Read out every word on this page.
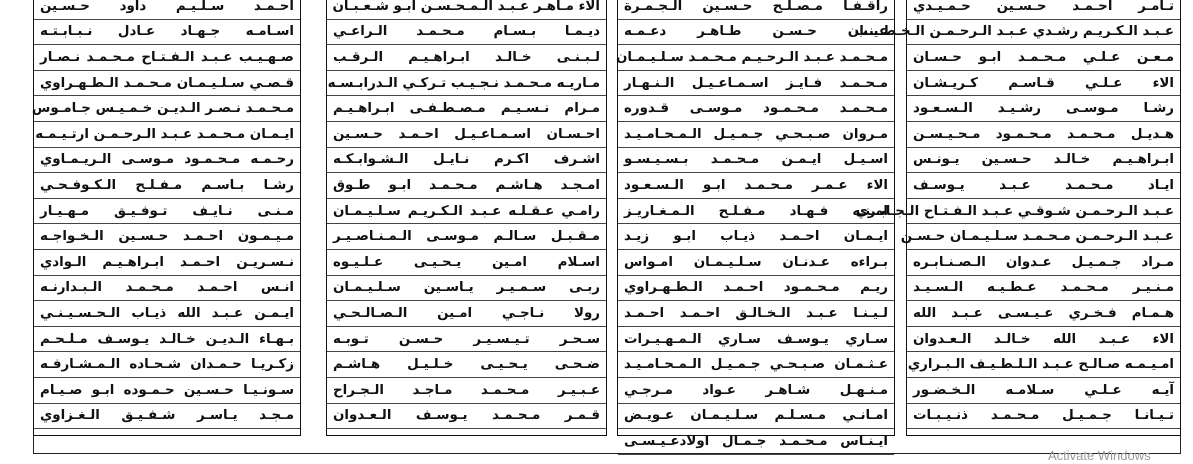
احـمـد سـلـيـم داود حـسـين
اسـامـه جـهـاد عـادل نـبـابـتـه
صـهـيـب عـبـد الـفـتـاح مـحـمـد نـصـار
قـصـي سـلـيـمـان مـحـمـد الـطـهـراوي
مـحـمـد نـصـر الـديـن خـمـيـس جـامـوس
ايـمـان مـحـمـد عـبـد الـرحـمـن ارتـيـمـه
رحـمـه مـحـمـود مـوسـى الـريـمـاوي
رشـا بـاسـم مـفـلـح الـكـوفـحـي
مـنـى نـايـف تـوفـيـق مـهـيـار
مـيـمـون احـمـد حـسـين الـخـواجـه
نـسـريـن احـمـد ابـراهـيـم الـوادي
انـس احـمـد مـحـمـد الـبـدارنـه
ايـمـن عـبـد الله ذيـاب الـحـسـيـنـي
بـهـاء الـديـن خـالـد يـوسـف مـلـحـم
زكـريـا حـمـدان شـحـاده الـمـشـارفـه
سـونـيـا حـسـين حـمـوده ابـو صـيـام
مـجـد يـاسـر شـفـيـق الـغـزاوي
الاء مـاهـر عـبـد الـمـحـسـن ابـو شـعـبـان
ديـمـا بـسـام مـحـمـد الـراعـي
لـبـنـى خـالـد ابـراهـيـم الـرقـب
مـاريـه مـحـمـد نـجـيـب تـركـي الـدرابـسـه
مـرام نـسـيـم مـصـطـفـى ابـراهـيـم
احـسـان اسـمـاعـيـل احـمـد حـسـين
اشـرف اكـرم نـايـل الـشـوابـكـه
امـجـد هـاشـم مـحـمـد ابـو طـوق
رامـي عـقـلـه عـبـد الـكـريـم سـلـيـمـان
مـقـبـل سـالـم مـوسـى الـمـنـاصـيـر
اسـلام امـين يـحـيـى عـلـيـوه
ربـى سـمـيـر يـاسـين سـلـيـمـان
رولا نـاجـي امـين الـصـالـحـي
سـحـر تـيـسـيـر حـسـن تـوبـه
ضـحـى يـحـيـى خـلـيـل هـاشـم
عـبـيـر مـحـمـد مـاجـد الـجـراح
قـمـر مـحـمـد يـوسـف الـعـدوان
راقـفـا مـصـلـح حـسـين الـجـمـرة
عـنـان حـسـن طـاهـر دعـمـه
مـحـمـد عـبـد الـرحـيـم مـحـمـد سـلـيـمـان
مـحـمـد فـايـز اسـمـاعـيـل الـنـهـار
مـحـمـد مـحـمـود مـوسـى قـدوره
مـروان صـبـحـي جـمـيـل الـمـحـامـيـد
اسـيـل ايـمـن مـحـمـد بـسـيـسـو
الاء عـمـر مـحـمـد ابـو الـسـعـود
امـنـه فـهـاد مـفـلـح الـمـغـاريـز
ايـمـان احـمـد ذيـاب ابـو زيـد
بـراءه عـدنـان سـلـيـمـان امـواس
ريـم مـحـمـود احـمـد الـطـهـراوي
لـيـنـا عـبـد الـخـالـق احـمـد احـمـد
سـاري يـوسـف سـاري الـمـهـيـرات
عـثـمـان صـبـحـي جـمـيـل الـمـحـامـيـد
مـنـهـل شـاهـر عـواد مـرجـي
امـانـي مـسـلـم سـلـيـمـان عـويـض
ايـنـاس مـحـمـد جـمـال اولادعـيـسـى
تـامـر احـمـد حـسـين حـمـيـدي
عـبـد الـكـريـم رشـدي عـبـد الـرحـمـن الـخـطـيـب
مـعـن عـلـي مـحـمـد ابـو حـسـان
الاء عـلـي قـاسـم كـريـشـان
رشـا مـوسـى رشـيـد الـسـعـود
هـديـل مـحـمـد مـحـمـود مـحـيـسـن
ابـراهـيـم خـالـد حـسـين يـونـس
ايـاد مـحـمـد عـبـد يـوسـف
عـبـد الـرحـمـن شـوقـي عـبـد الـفـتـاح الـجـابـري
عـبـد الـرحـمـن مـحـمـد سـلـيـمـان حـسـن
مـراد جـمـيـل عـدوان الـصـنـابـره
مـنـيـر مـحـمـد عـطـيـه الـسـيـد
هـمـام فـخـري عـيـسـى عـبـد الله
الاء عـبـد الله خـالـد الـعـدوان
امـيـمـه صـالـح عـبـد الـلـطـيـف الـبـراري
آيـه عـلـي سـلامـه الـخـضـور
تـيـانـا جـمـيـل مـحـمـد ذنـيـبـات
Activate Windows
